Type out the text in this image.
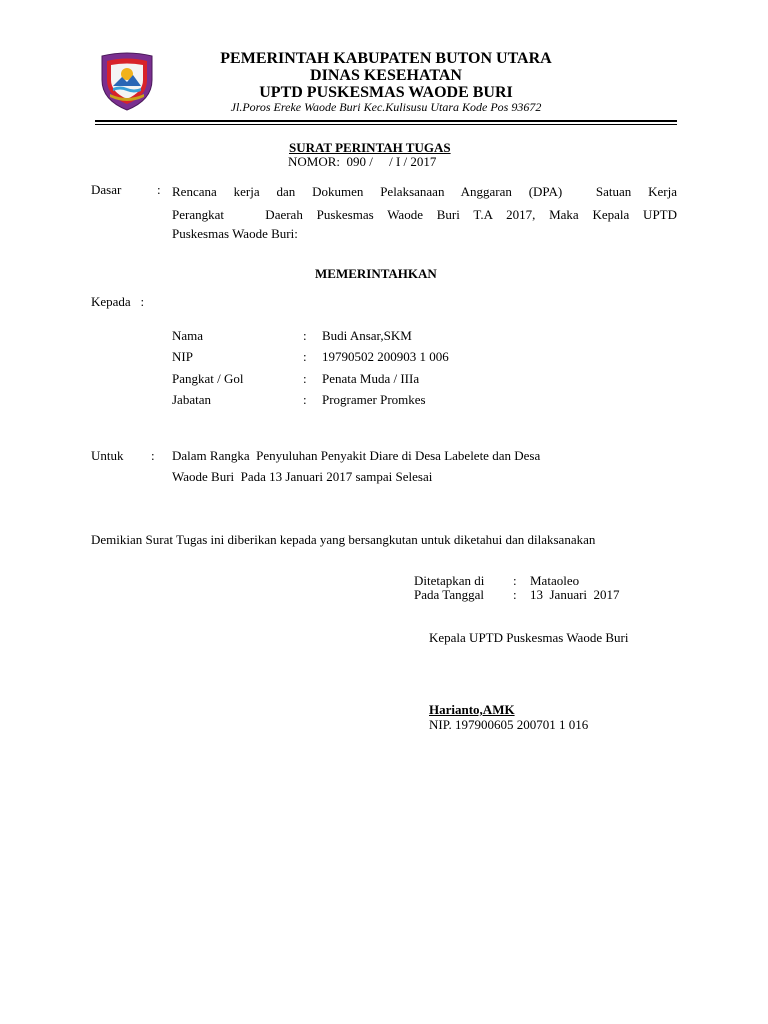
PEMERINTAH KABUPATEN BUTON UTARA
DINAS KESEHATAN
UPTD PUSKESMAS WAODE BURI
Jl.Poros Ereke Waode Buri Kec.Kulisusu Utara Kode Pos 93672
SURAT PERINTAH TUGAS
NOMOR:  090 /     / I / 2017
Dasar	: Rencana kerja dan Dokumen Pelaksanaan Anggaran (DPA)  Satuan Kerja
Perangkat   Daerah Puskesmas Waode Buri T.A 2017, Maka Kepala UPTD
Puskesmas Waode Buri:
MEMERINTAHKAN
Kepada   :
Nama	: Budi Ansar,SKM
NIP	: 19790502 200903 1 006
Pangkat / Gol	: Penata Muda / IIIa
Jabatan	: Programer Promkes
Untuk : Dalam Rangka  Penyuluhan Penyakit Diare di Desa Labelete dan Desa
Waode Buri  Pada 13 Januari 2017 sampai Selesai
Demikian Surat Tugas ini diberikan kepada yang bersangkutan untuk diketahui dan dilaksanakan
Ditetapkan di : Mataoleo
Pada Tanggal : 13  Januari  2017
Kepala UPTD Puskesmas Waode Buri
Harianto,AMK
NIP. 197900605 200701 1 016
